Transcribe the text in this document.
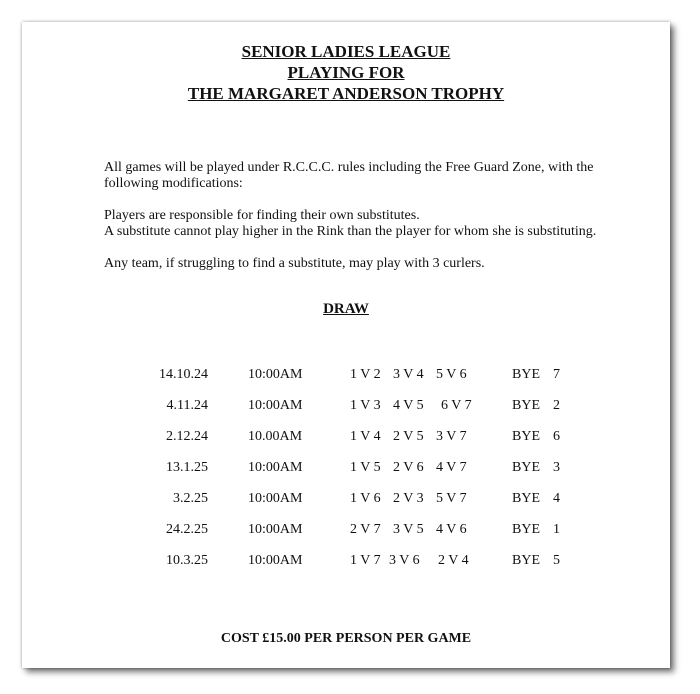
SENIOR LADIES LEAGUE
PLAYING FOR
THE MARGARET ANDERSON TROPHY
All games will be played under R.C.C.C. rules including the Free Guard Zone, with the following modifications:
Players are responsible for finding their own substitutes.
A substitute cannot play higher in the Rink than the player for whom she is substituting.
Any team, if struggling to find a substitute, may play with 3 curlers.
DRAW
14.10.24	10:00AM	1 V 2 3 V 4 5 V 6	BYE 7
4.11.24	10:00AM	1 V 3 4 V 5 6 V 7	BYE 2
2.12.24	10.00AM	1 V 4 2 V 5 3 V 7	BYE 6
13.1.25	10:00AM	1 V 5 2 V 6 4 V 7	BYE 3
3.2.25	10:00AM	1 V 6 2 V 3 5 V 7	BYE 4
24.2.25	10:00AM	2 V 7 3 V 5 4 V 6	BYE 1
10.3.25	10:00AM	1 V 7 3 V 6 2 V 4	BYE 5
COST £15.00 PER PERSON PER GAME
